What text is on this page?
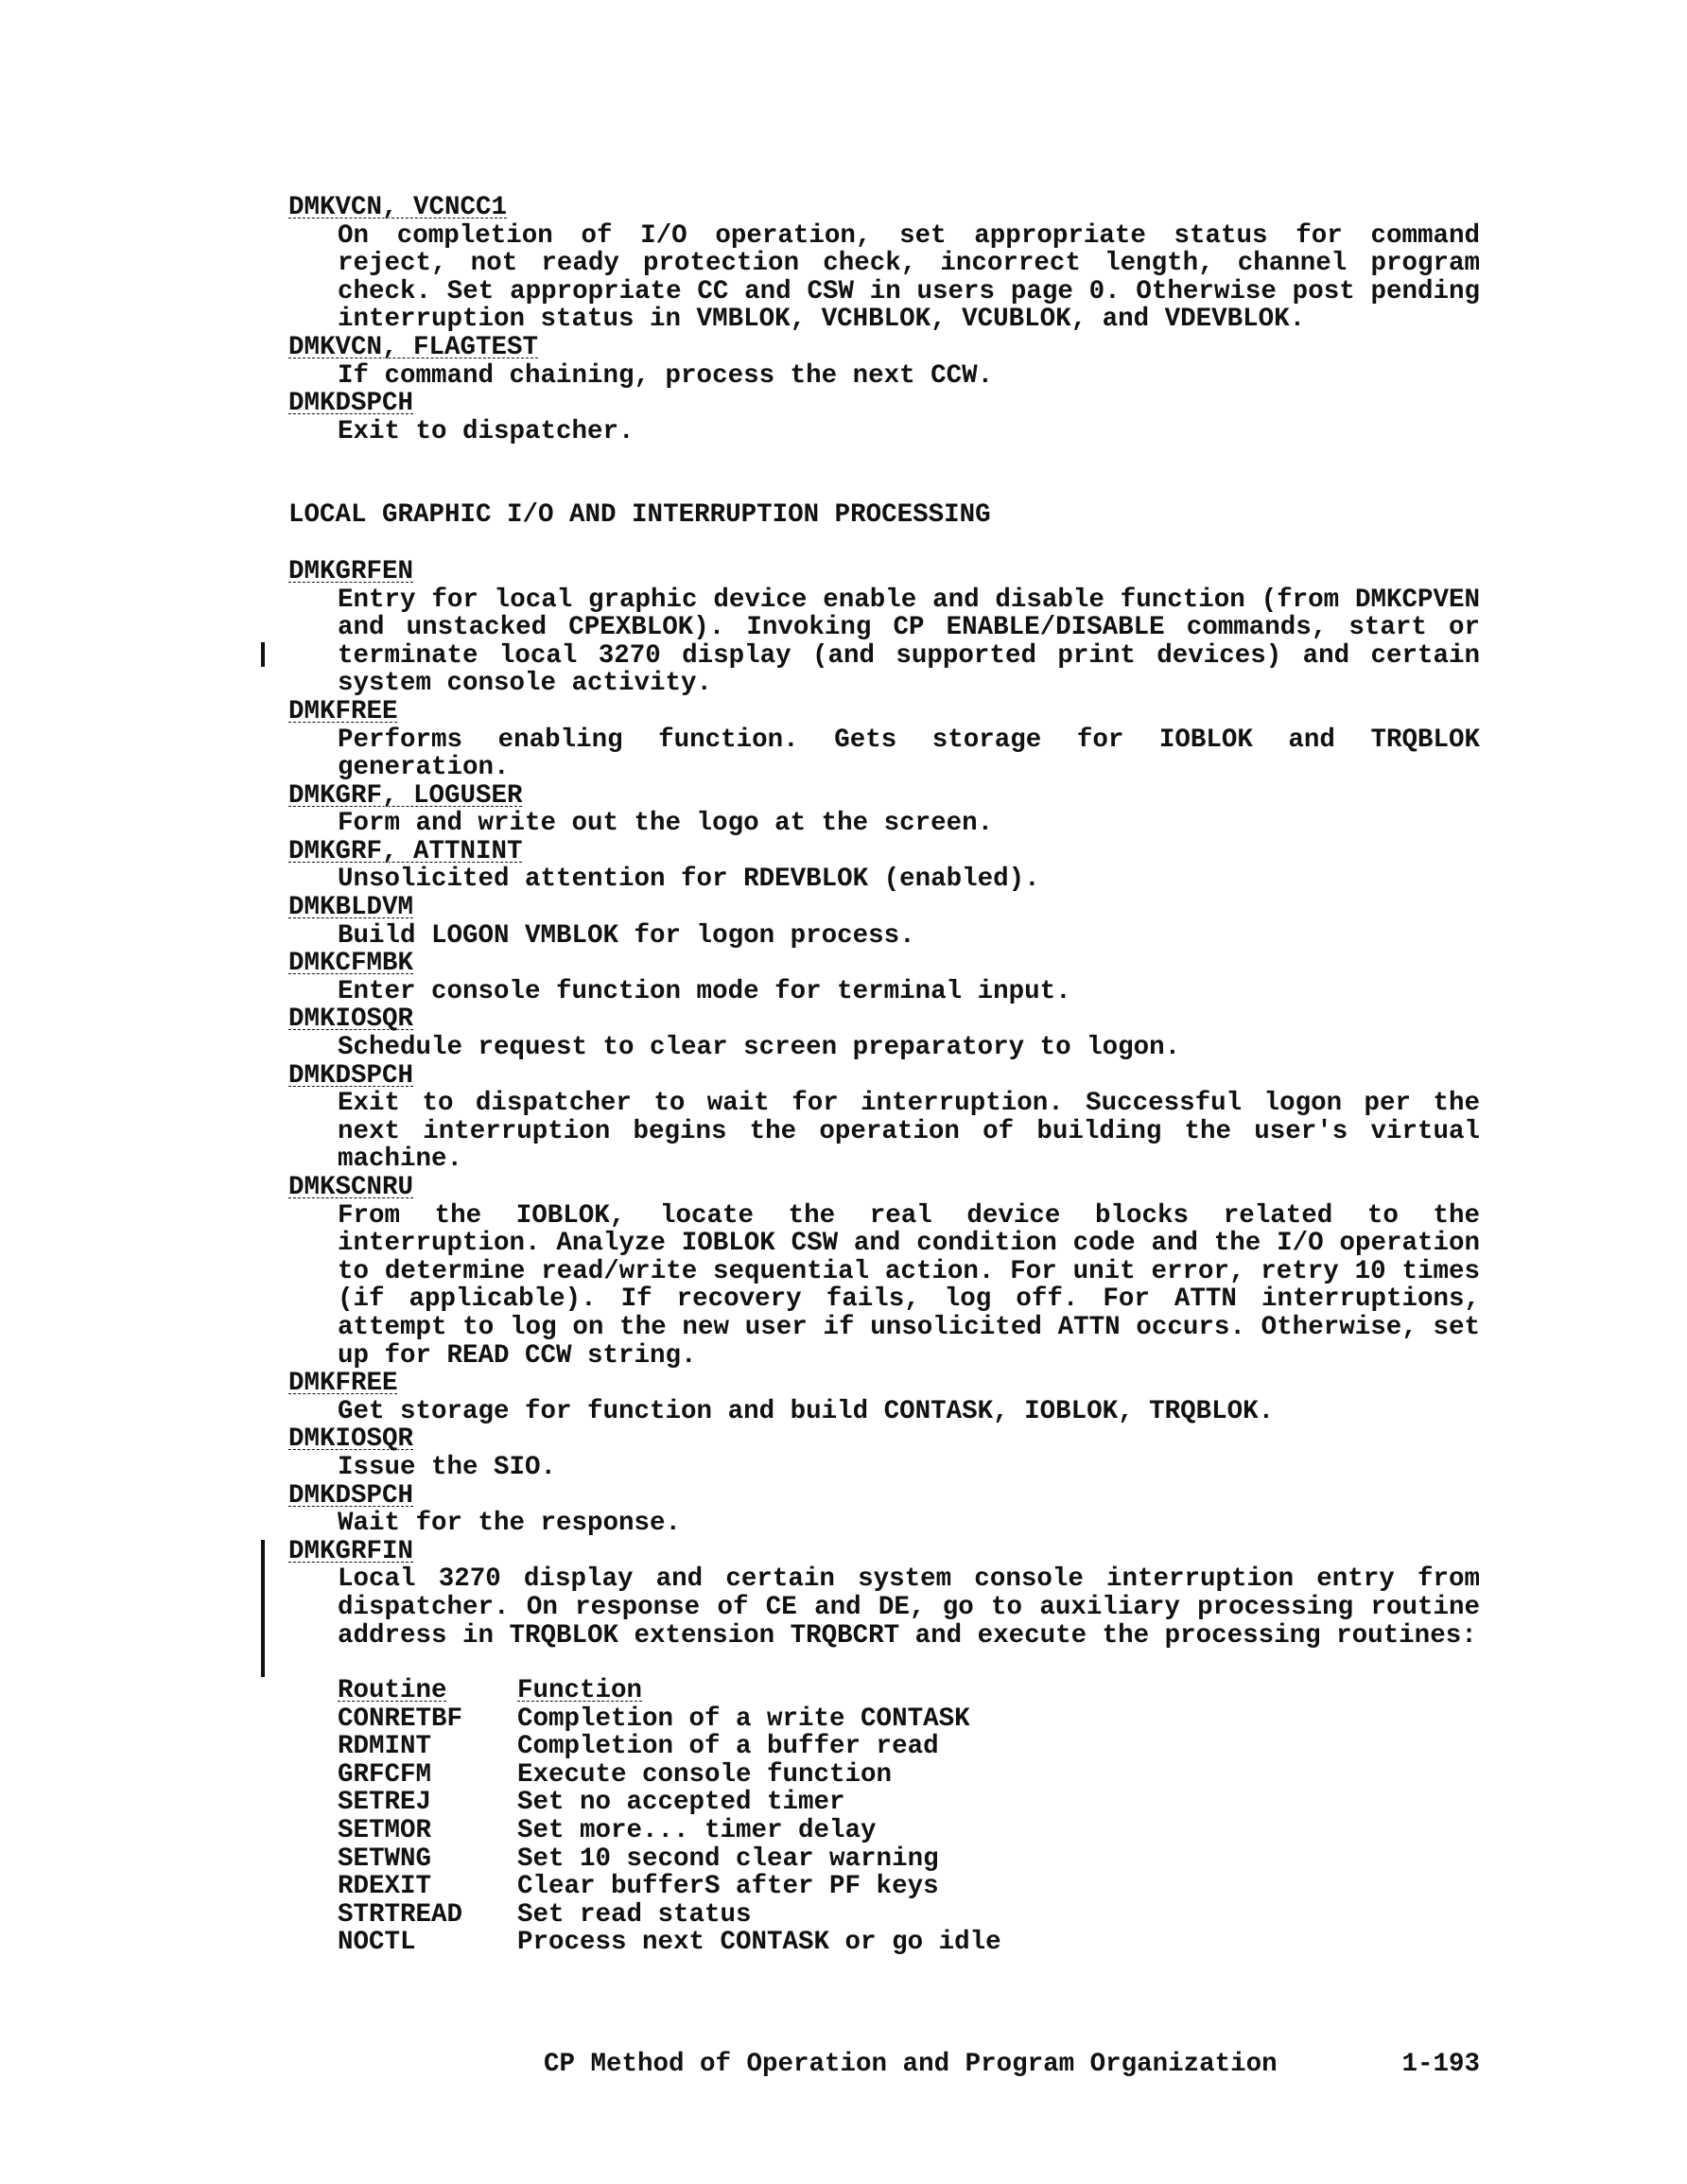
DMKVCN, VCNCC1
On completion of I/O operation, set appropriate status for command reject, not ready protection check, incorrect length, channel program check. Set appropriate CC and CSW in users page 0. Otherwise post pending interruption status in VMBLOK, VCHBLOK, VCUBLOK, and VDEVBLOK.
DMKVCN, FLAGTEST
If command chaining, process the next CCW.
DMKDSPCH
Exit to dispatcher.
LOCAL GRAPHIC I/O AND INTERRUPTION PROCESSING
DMKGRFEN
Entry for local graphic device enable and disable function (from DMKCPVEN and unstacked CPEXBLOK). Invoking CP ENABLE/DISABLE commands, start or terminate local 3270 display (and supported print devices) and certain system console activity.
DMKFREE
Performs enabling function. Gets storage for IOBLOK and TRQBLOK generation.
DMKGRF, LOGUSER
Form and write out the logo at the screen.
DMKGRF, ATTNINT
Unsolicited attention for RDEVBLOK (enabled).
DMKBLDVM
Build LOGON VMBLOK for logon process.
DMKCFMBK
Enter console function mode for terminal input.
DMKIOSQR
Schedule request to clear screen preparatory to logon.
DMKDSPCH
Exit to dispatcher to wait for interruption. Successful logon per the next interruption begins the operation of building the user's virtual machine.
DMKSCNRU
From the IOBLOK, locate the real device blocks related to the interruption. Analyze IOBLOK CSW and condition code and the I/O operation to determine read/write sequential action. For unit error, retry 10 times (if applicable). If recovery fails, log off. For ATTN interruptions, attempt to log on the new user if unsolicited ATTN occurs. Otherwise, set up for READ CCW string.
DMKFREE
Get storage for function and build CONTASK, IOBLOK, TRQBLOK.
DMKIOSQR
Issue the SIO.
DMKDSPCH
Wait for the response.
DMKGRFIN
Local 3270 display and certain system console interruption entry from dispatcher. On response of CE and DE, go to auxiliary processing routine address in TRQBLOK extension TRQBCRT and execute the processing routines:
Routine	Function
CONRETBF	Completion of a write CONTASK
RDMINT	Completion of a buffer read
GRFCFM	Execute console function
SETREJ	Set no accepted timer
SETMOR	Set more... timer delay
SETWNG	Set 10 second clear warning
RDEXIT	Clear bufferS after PF keys
STRTREAD	Set read status
NOCTL	Process next CONTASK or go idle
CP Method of Operation and Program Organization	1-193
